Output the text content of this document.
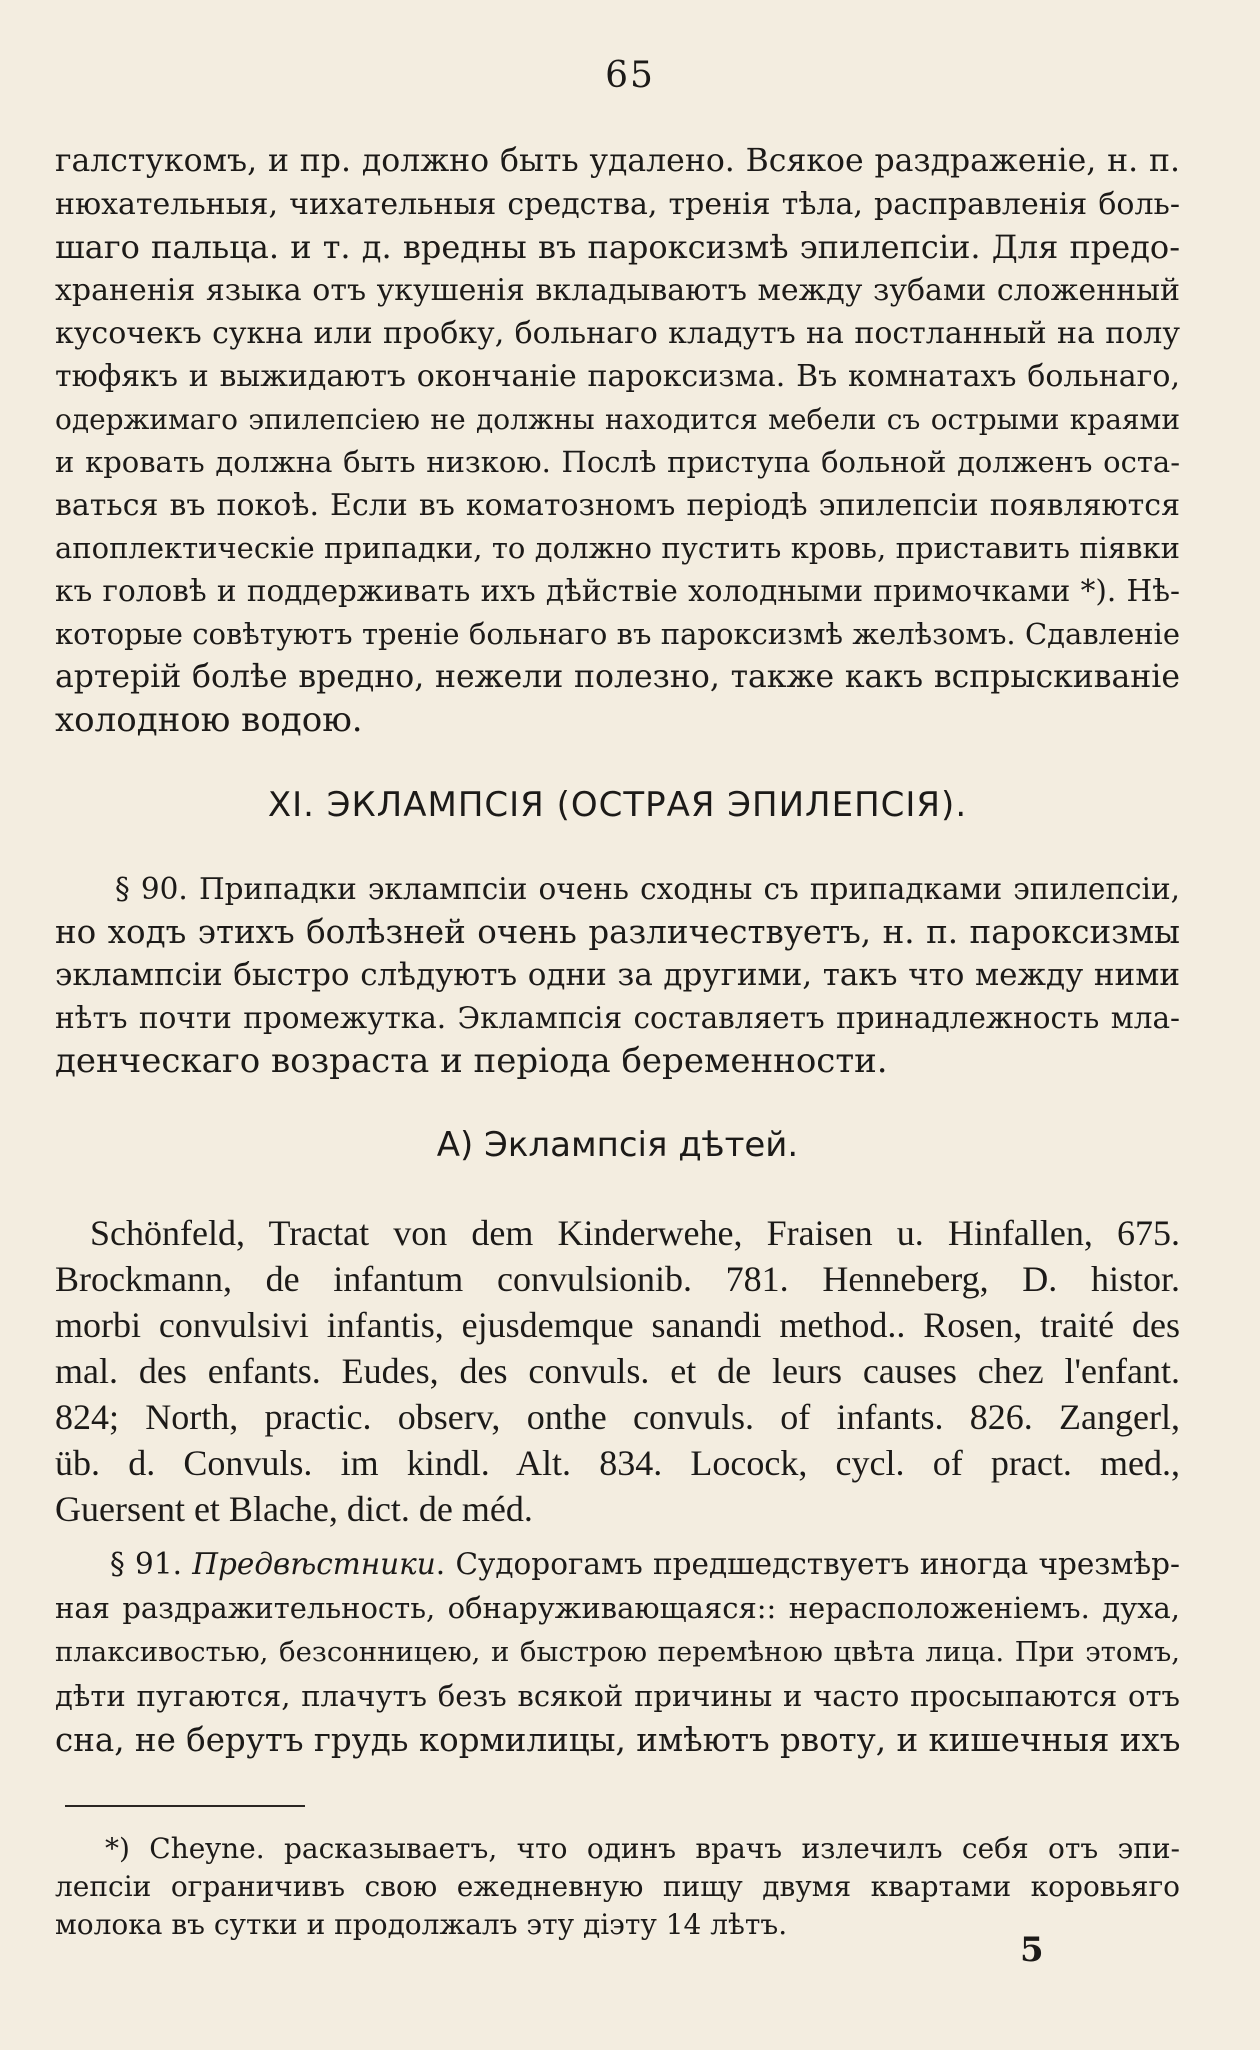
65
галстукомъ, и пр. должно быть удалено. Всякое раздраженіе, н. п.
нюхательныя, чихательныя средства, тренія тѣла, расправленія боль-
шаго пальца. и т. д. вредны въ пароксизмѣ эпилепсіи. Для предо-
храненія языка отъ укушенія вкладываютъ между зубами сложенный
кусочекъ сукна или пробку, больнаго кладутъ на постланный на полу
тюфякъ и выжидаютъ окончаніе пароксизма. Въ комнатахъ больнаго,
одержимаго эпилепсіею не должны находится мебели съ острыми краями
и кровать должна быть низкою. Послѣ приступа больной долженъ оста-
ваться въ покоѣ. Если въ коматозномъ періодѣ эпилепсіи появляются
апоплектическіе припадки, то должно пустить кровь, приставить піявки
къ головѣ и поддерживать ихъ дѣйствіе холодными примочками *). Нѣ-
которые совѣтуютъ треніе больнаго въ пароксизмѣ желѣзомъ. Сдавленіе
артерій болѣе вредно, нежели полезно, также какъ вспрыскиваніе
холодною водою.
XI. ЭКЛАМПСІЯ (ОСТРАЯ ЭПИЛЕПСІЯ).
§ 90. Припадки эклампсіи очень сходны съ припадками эпилепсіи,
но ходъ этихъ болѣзней очень различествуетъ, н. п. пароксизмы
эклампсіи быстро слѣдуютъ одни за другими, такъ что между ними
нѣтъ почти промежутка. Эклампсія составляетъ принадлежность мла-
денческаго возраста и періода беременности.
А) Эклампсія дѣтей.
Schönfeld, Tractat von dem Kinderwehe, Fraisen u. Hinfallen, 675.
Brockmann, de infantum convulsionib. 781. Henneberg, D. histor.
morbi convulsivi infantis, ejusdemque sanandi method.. Rosen, traité des
mal. des enfants. Eudes, des convuls. et de leurs causes chez l'enfant.
824; North, practic. observ, onthe convuls. of infants. 826. Zangerl,
üb. d. Convuls. im kindl. Alt. 834. Locock, cycl. of pract. med.,
Guersent et Blache, dict. de méd.
§ 91. Предвѣстники. Судорогамъ предшедствуетъ иногда чрезмѣр-
ная раздражительность, обнаруживающаяся:: нерасположеніемъ. духа,
плаксивостью, безсонницею, и быстрою перемѣною цвѣта лица. При этомъ,
дѣти пугаются, плачутъ безъ всякой причины и часто просыпаются отъ
сна, не берутъ грудь кормилицы, имѣютъ рвоту, и кишечныя ихъ
*) Cheyne. расказываетъ, что одинъ врачъ излечилъ себя отъ эпи-
лепсіи ограничивъ свою ежедневную пищу двумя квартами коровьяго
молока въ сутки и продолжалъ эту діэту 14 лѣтъ.
5
